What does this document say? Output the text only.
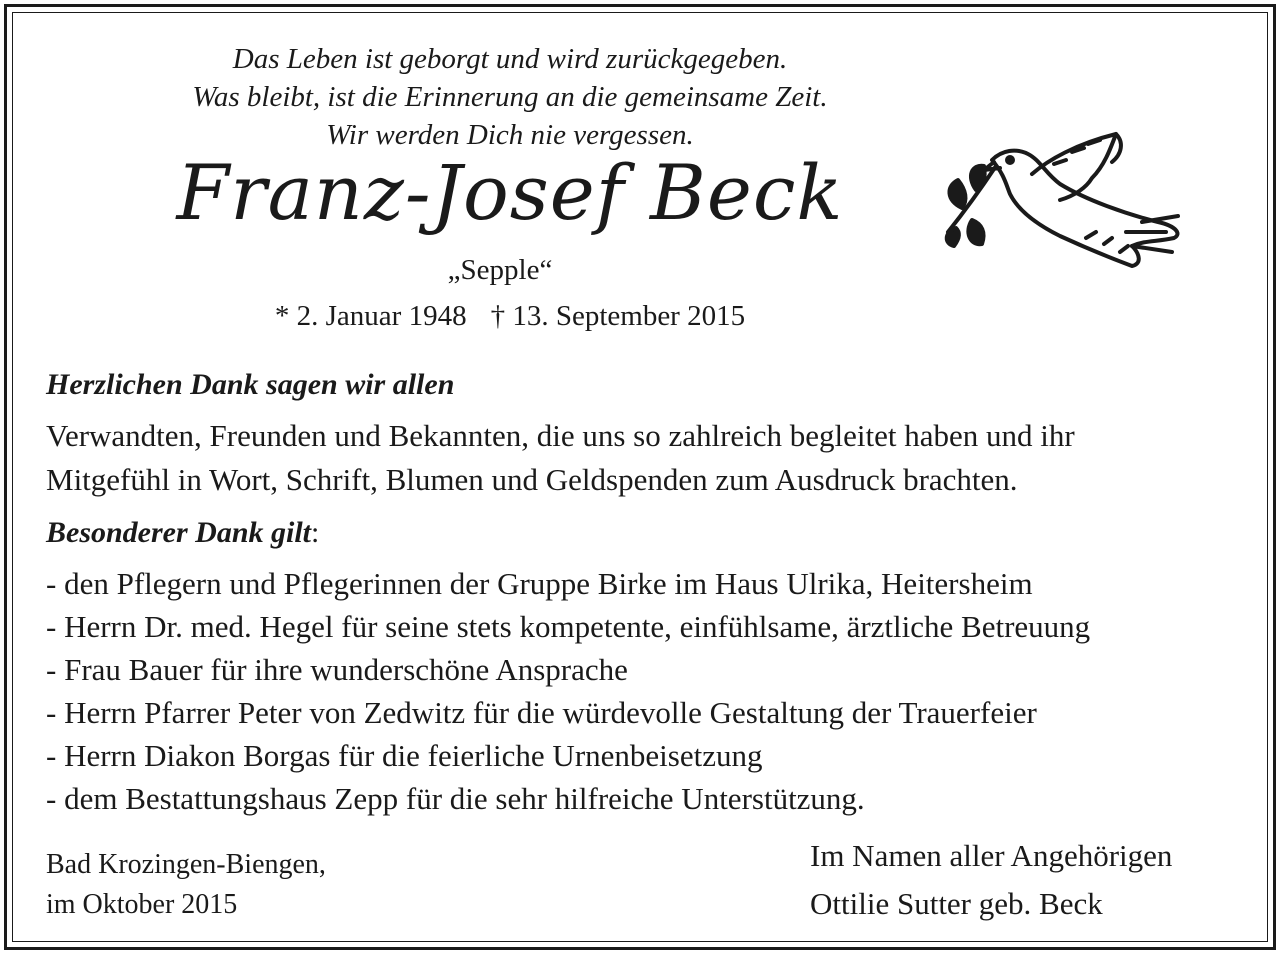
Das Leben ist geborgt und wird zurückgegeben.
Was bleibt, ist die Erinnerung an die gemeinsame Zeit.
Wir werden Dich nie vergessen.
Franz-Josef Beck
„Sepple“
* 2. Januar 1948 † 13. September 2015
Herzlichen Dank sagen wir allen
Verwandten, Freunden und Bekannten, die uns so zahlreich begleitet haben und ihr
Mitgefühl in Wort, Schrift, Blumen und Geldspenden zum Ausdruck brachten.
Besonderer Dank gilt:
- den Pflegern und Pflegerinnen der Gruppe Birke im Haus Ulrika, Heitersheim
- Herrn Dr. med. Hegel für seine stets kompetente, einfühlsame, ärztliche Betreuung
- Frau Bauer für ihre wunderschöne Ansprache
- Herrn Pfarrer Peter von Zedwitz für die würdevolle Gestaltung der Trauerfeier
- Herrn Diakon Borgas für die feierliche Urnenbeisetzung
- dem Bestattungshaus Zepp für die sehr hilfreiche Unterstützung.
Bad Krozingen-Biengen,
im Oktober 2015
Im Namen aller Angehörigen
Ottilie Sutter geb. Beck
